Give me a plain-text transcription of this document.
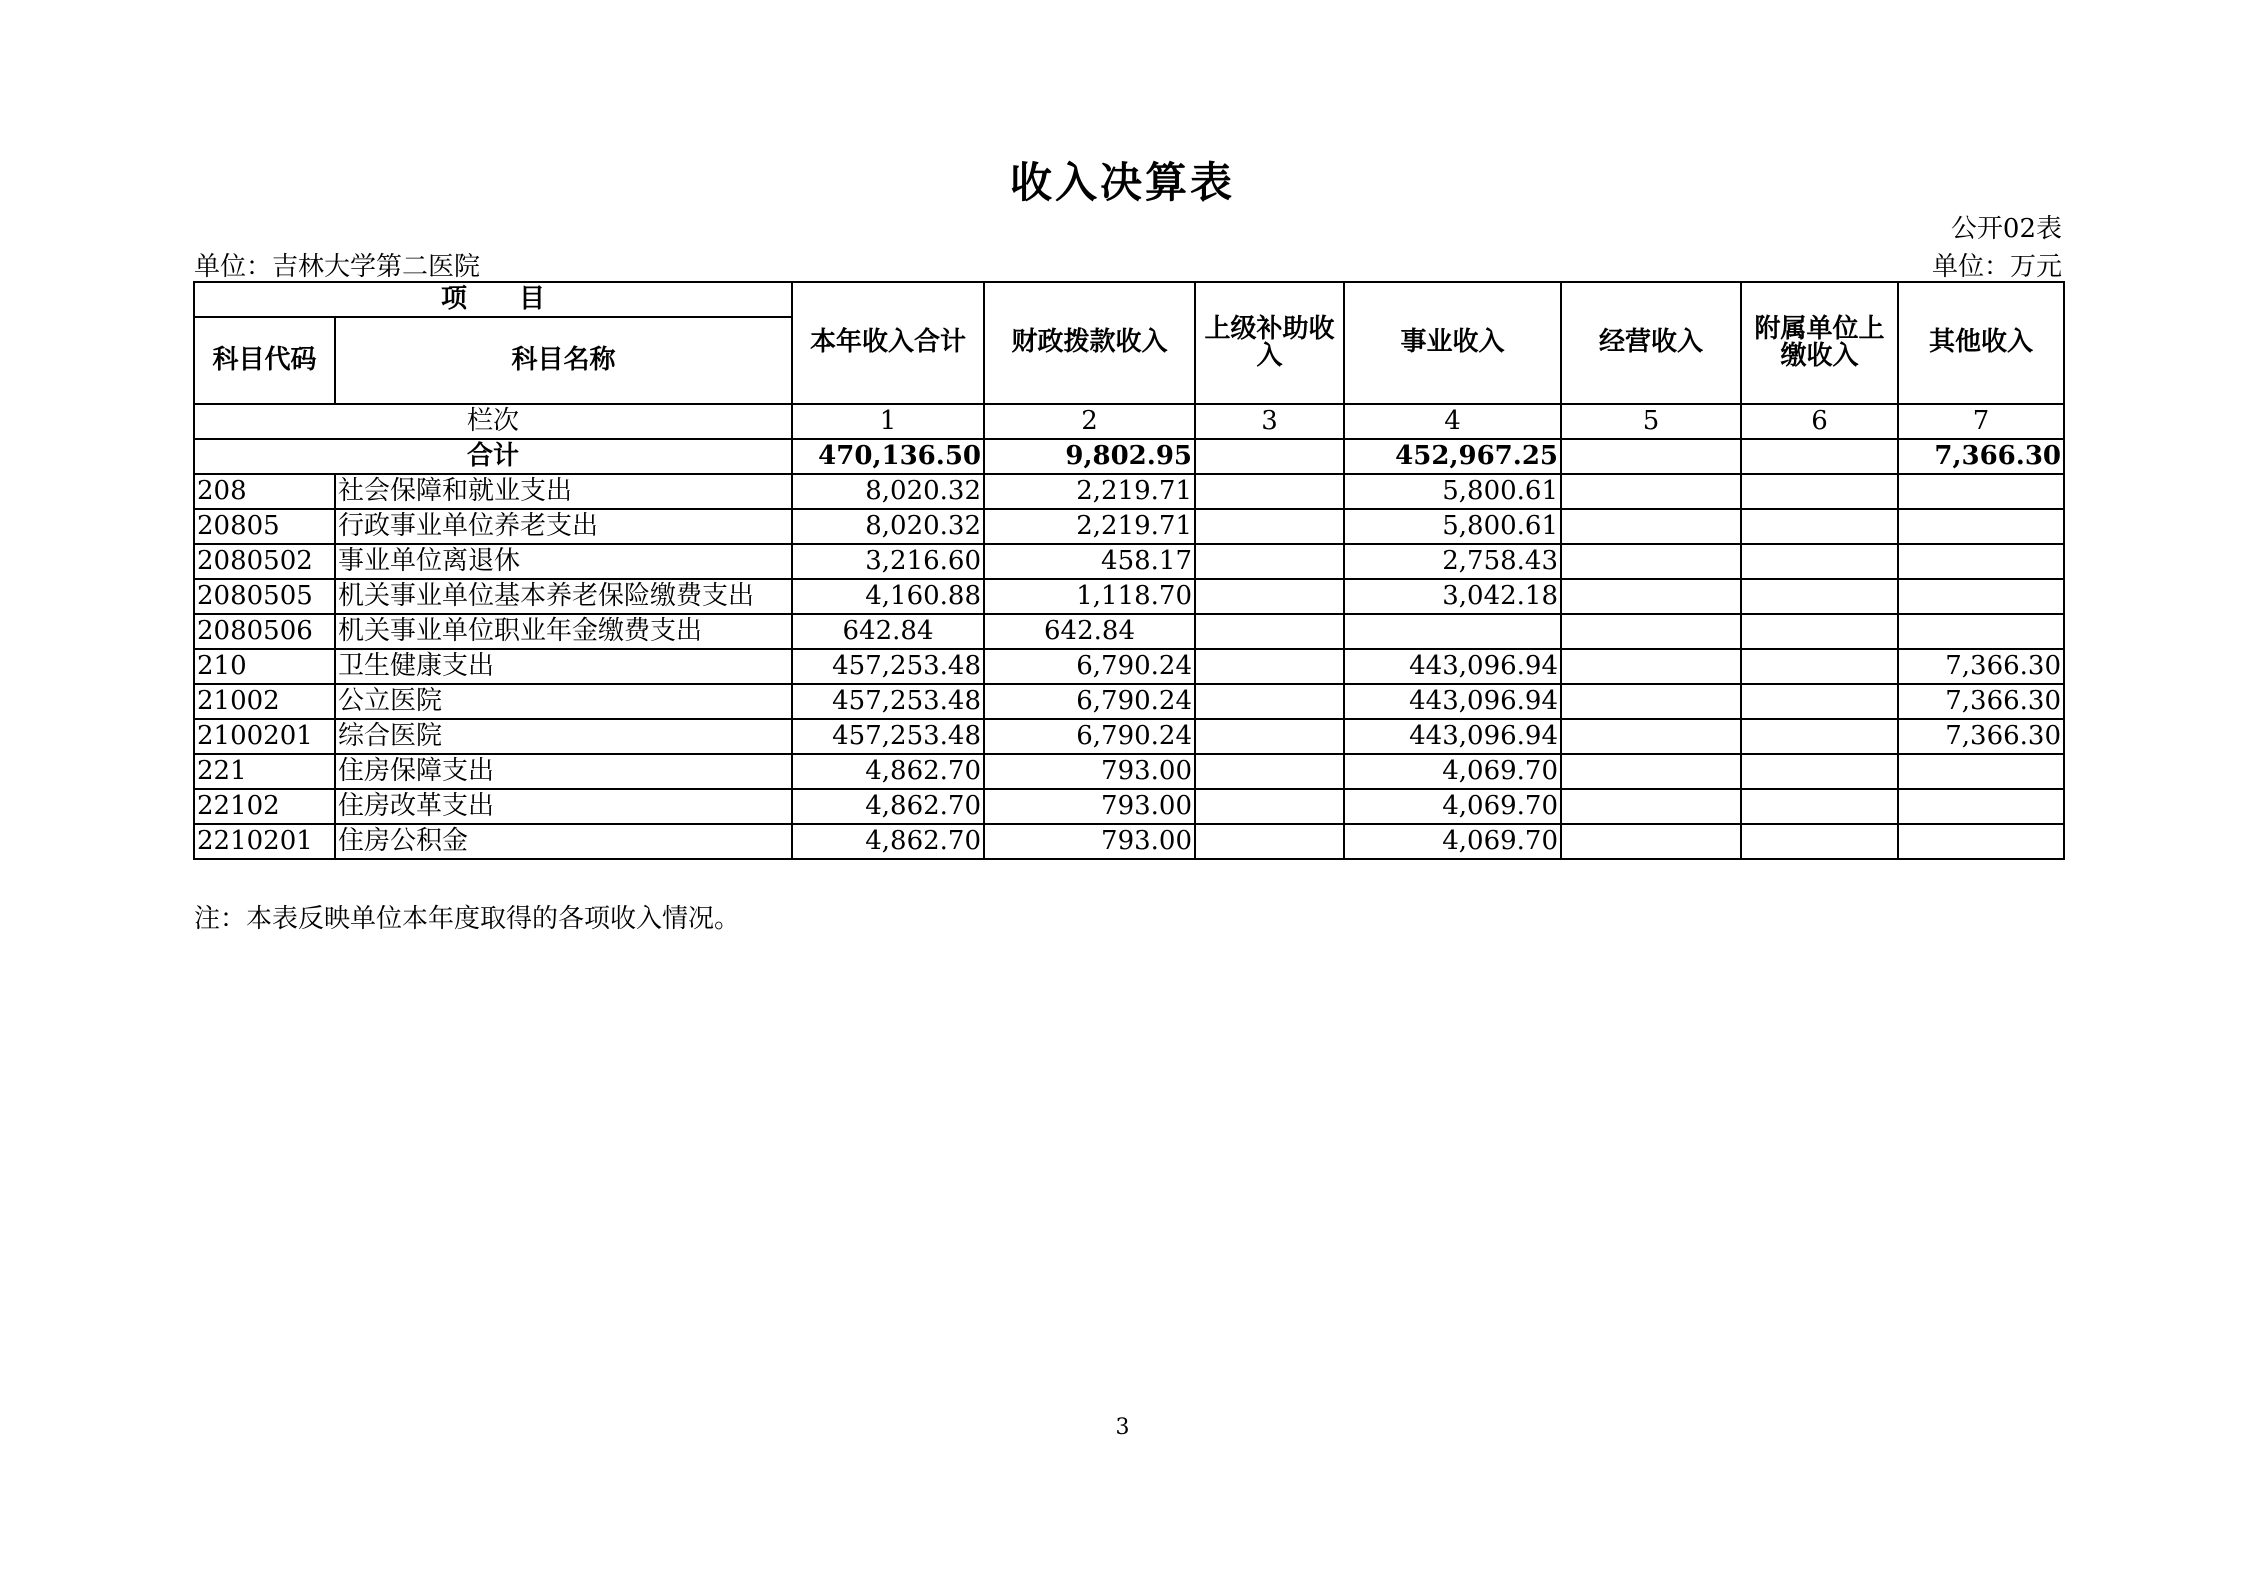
收入决算表
公开02表
单位：吉林大学第二医院	单位：万元
项　　目		本年收入合计	财政拨款收入	上级补助收入	事业收入	经营收入	附属单位上缴收入	其他收入
科目代码	科目名称							
栏次		1	2	3	4	5	6	7
合计		470,136.50	9,802.95		452,967.25			7,366.30
208	社会保障和就业支出	8,020.32	2,219.71		5,800.61			
20805	行政事业单位养老支出	8,020.32	2,219.71		5,800.61			
2080502	事业单位离退休	3,216.60	458.17		2,758.43			
2080505	机关事业单位基本养老保险缴费支出	4,160.88	1,118.70		3,042.18			
2080506	机关事业单位职业年金缴费支出	642.84	642.84					
210	卫生健康支出	457,253.48	6,790.24		443,096.94			7,366.30
21002	公立医院	457,253.48	6,790.24		443,096.94			7,366.30
2100201	综合医院	457,253.48	6,790.24		443,096.94			7,366.30
221	住房保障支出	4,862.70	793.00		4,069.70			
22102	住房改革支出	4,862.70	793.00		4,069.70			
2210201	住房公积金	4,862.70	793.00		4,069.70			
注：本表反映单位本年度取得的各项收入情况。
3
